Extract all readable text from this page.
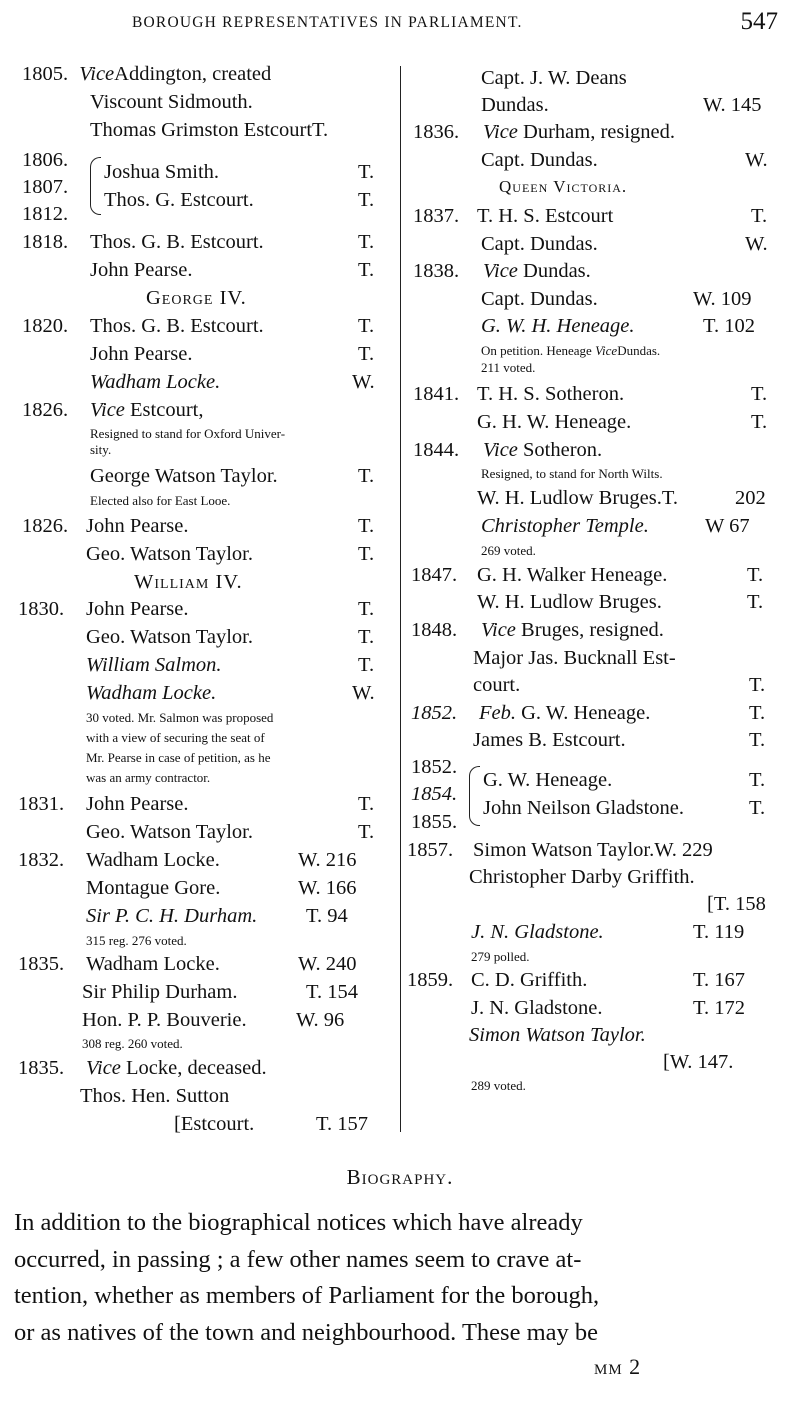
BOROUGH REPRESENTATIVES IN PARLIAMENT.	547
1805. ViceAddington, created
Viscount Sidmouth.
Thomas Grimston EstcourtT.
1806.
1807.
1812.
Joshua Smith.	T.
Thos. G. Estcourt.	T.
1818. Thos. G. B. Estcourt.	T.
John Pearse.	T.
George IV.
1820. Thos. G. B. Estcourt.	T.
John Pearse.	T.
Wadham Locke.	W.
1826. Vice Estcourt,
Resigned to stand for Oxford Univer-
sity.
George Watson Taylor.	T.
Elected also for East Looe.
1826. John Pearse.	T.
Geo. Watson Taylor.	T.
William IV.
1830. John Pearse.	T.
Geo. Watson Taylor.	T.
William Salmon.	T.
Wadham Locke.	W.
30 voted. Mr. Salmon was proposed
with a view of securing the seat of
Mr. Pearse in case of petition, as he
was an army contractor.
1831. John Pearse.	T.
Geo. Watson Taylor.	T.
1832. Wadham Locke.	W. 216
Montague Gore.	W. 166
Sir P. C. H. Durham. T. 94
315 reg. 276 voted.
1835. Wadham Locke.	W. 240
Sir Philip Durham.	T. 154
Hon. P. P. Bouverie. W. 96
308 reg. 260 voted.
1835. Vice Locke, deceased.
Thos. Hen. Sutton
[Estcourt.	T. 157
Capt. J. W. Deans
Dundas.	W. 145
1836. Vice Durham, resigned.
Capt. Dundas.	W.
Queen Victoria.
1837. T. H. S. Estcourt	T.
Capt. Dundas.	W.
1838. Vice Dundas.
Capt. Dundas.	W. 109
G. W. H. Heneage.	T. 102
On petition. Heneage ViceDundas.
211 voted.
1841. T. H. S. Sotheron.	T.
G. H. W. Heneage.	T.
1844. Vice Sotheron.
Resigned, to stand for North Wilts.
W. H. Ludlow Bruges.T.	202
Christopher Temple.	W 67
269 voted.
1847. G. H. Walker Heneage.	T.
W. H. Ludlow Bruges.	T.
1848. Vice Bruges, resigned.
Major Jas. Bucknall Est-
court.	T.
1852. Feb. G. W. Heneage.	T.
James B. Estcourt.	T.
1852.
1854.
1855.
G. W. Heneage.	T.
John Neilson Gladstone.	T.
1857. Simon Watson Taylor.W. 229
Christopher Darby Griffith.
[T. 158
J. N. Gladstone.	T. 119
279 polled.
1859. C. D. Griffith.	T. 167
J. N. Gladstone.	T. 172
Simon Watson Taylor.
[W. 147.
289 voted.
Biography.
In addition to the biographical notices which have already
occurred, in passing ; a few other names seem to crave at-
tention, whether as members of Parliament for the borough,
or as natives of the town and neighbourhood. These may be
mm 2
